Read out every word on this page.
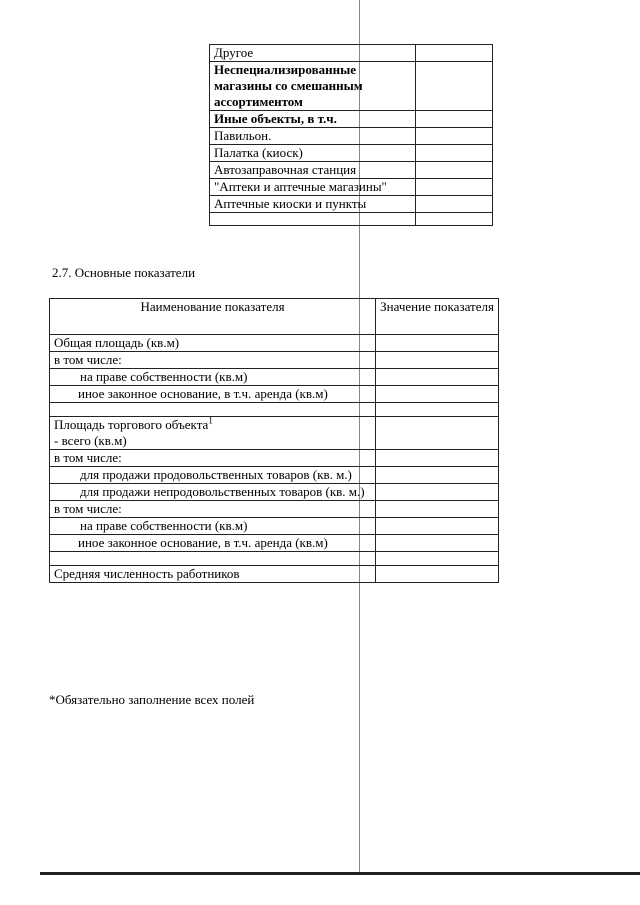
Другое	
Неспециализированные магазины со смешанным ассортиментом	
Иные объекты, в т.ч.	
Павильон.	
Палатка (киоск)	
Автозаправочная станция	
"Аптеки и аптечные магазины"	
Аптечные киоски и пункты	

2.7. Основные показатели
Наименование показателя	Значение показателя
Общая площадь (кв.м)	
в том числе:	
на праве собственности (кв.м)	
иное законное основание, в т.ч. аренда (кв.м)	

Площадь торгового объекта$^1$
- всего (кв.м)	
в том числе:	
для продажи продовольственных товаров (кв. м.)	
для продажи непродовольственных товаров (кв. м.)	
в том числе:	
на праве собственности (кв.м)	
иное законное основание, в т.ч. аренда (кв.м)	

Средняя численность работников	
*Обязательно заполнение всех полей
